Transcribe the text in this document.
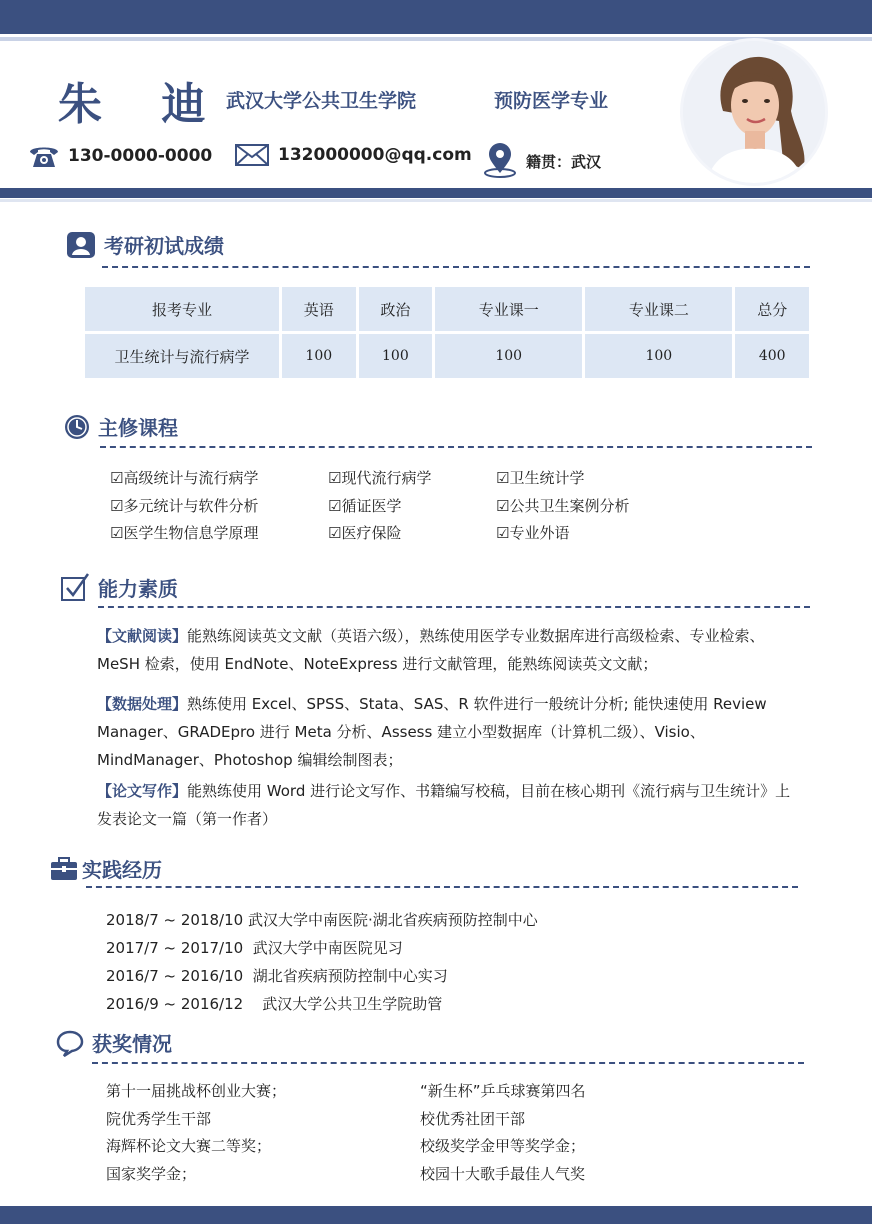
朱 迪
武汉大学公共卫生学院	预防医学专业
130-0000-0000	132000000@qq.com	籍贯：武汉
考研初试成绩
报考专业	英语	政治	专业课一	专业课二	总分
卫生统计与流行病学	100	100	100	100	400
主修课程
☑高级统计与流行病学	☑现代流行病学	☑卫生统计学
☑多元统计与软件分析	☑循证医学	☑公共卫生案例分析
☑医学生物信息学原理	☑医疗保险	☑专业外语
能力素质
【文献阅读】能熟练阅读英文文献（英语六级），熟练使用医学专业数据库进行高级检索、专业检索、MeSH 检索，使用 EndNote、NoteExpress 进行文献管理，能熟练阅读英文文献；
【数据处理】熟练使用 Excel、SPSS、Stata、SAS、R 软件进行一般统计分析; 能快速使用 Review Manager、GRADEpro 进行 Meta 分析、Assess 建立小型数据库（计算机二级）、Visio、MindManager、Photoshop 编辑绘制图表；
【论文写作】能熟练使用 Word 进行论文写作、书籍编写校稿，目前在核心期刊《流行病与卫生统计》上发表论文一篇（第一作者）
实践经历
2018/7 ~ 2018/10 武汉大学中南医院·湖北省疾病预防控制中心
2017/7 ~ 2017/10  武汉大学中南医院见习
2016/7 ~ 2016/10  湖北省疾病预防控制中心实习
2016/9 ~ 2016/12    武汉大学公共卫生学院助管
获奖情况
第十一届挑战杯创业大赛；	“新生杯”乒乓球赛第四名
院优秀学生干部	校优秀社团干部
海辉杯论文大赛二等奖；	校级奖学金甲等奖学金；
国家奖学金；	校园十大歌手最佳人气奖
